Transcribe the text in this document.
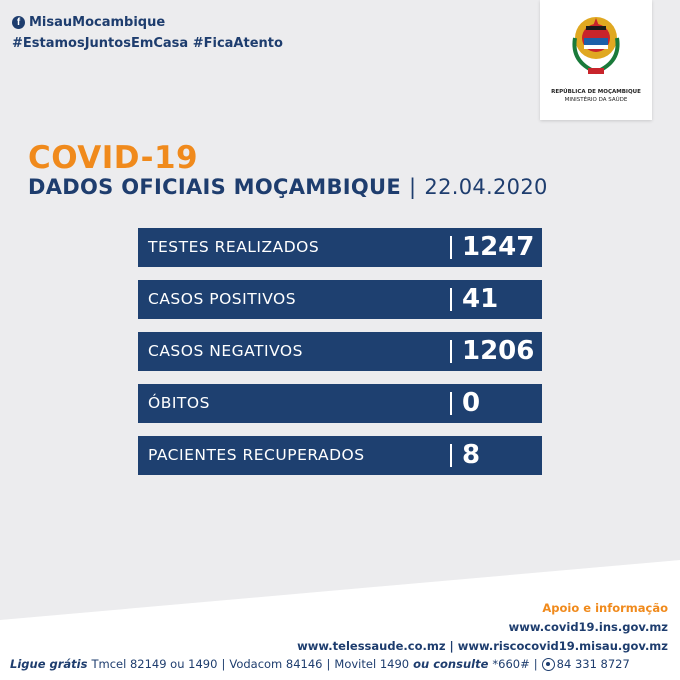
f MisauMocambique
#EstamosJuntosEmCasa #FicaAtento
REPÚBLICA DE MOÇAMBIQUE
MINISTÉRIO DA SAÚDE
COVID-19
DADOS OFICIAIS MOÇAMBIQUE | 22.04.2020
TESTES REALIZADOS	1247
CASOS POSITIVOS	41
CASOS NEGATIVOS	1206
ÓBITOS	0
PACIENTES RECUPERADOS	8
Apoio e informação
www.covid19.ins.gov.mz
www.telessaude.co.mz | www.riscocovid19.misau.gov.mz
Ligue grátis Tmcel 82149 ou 1490 | Vodacom 84146 | Movitel 1490 ou consulte *660# | 84 331 8727
